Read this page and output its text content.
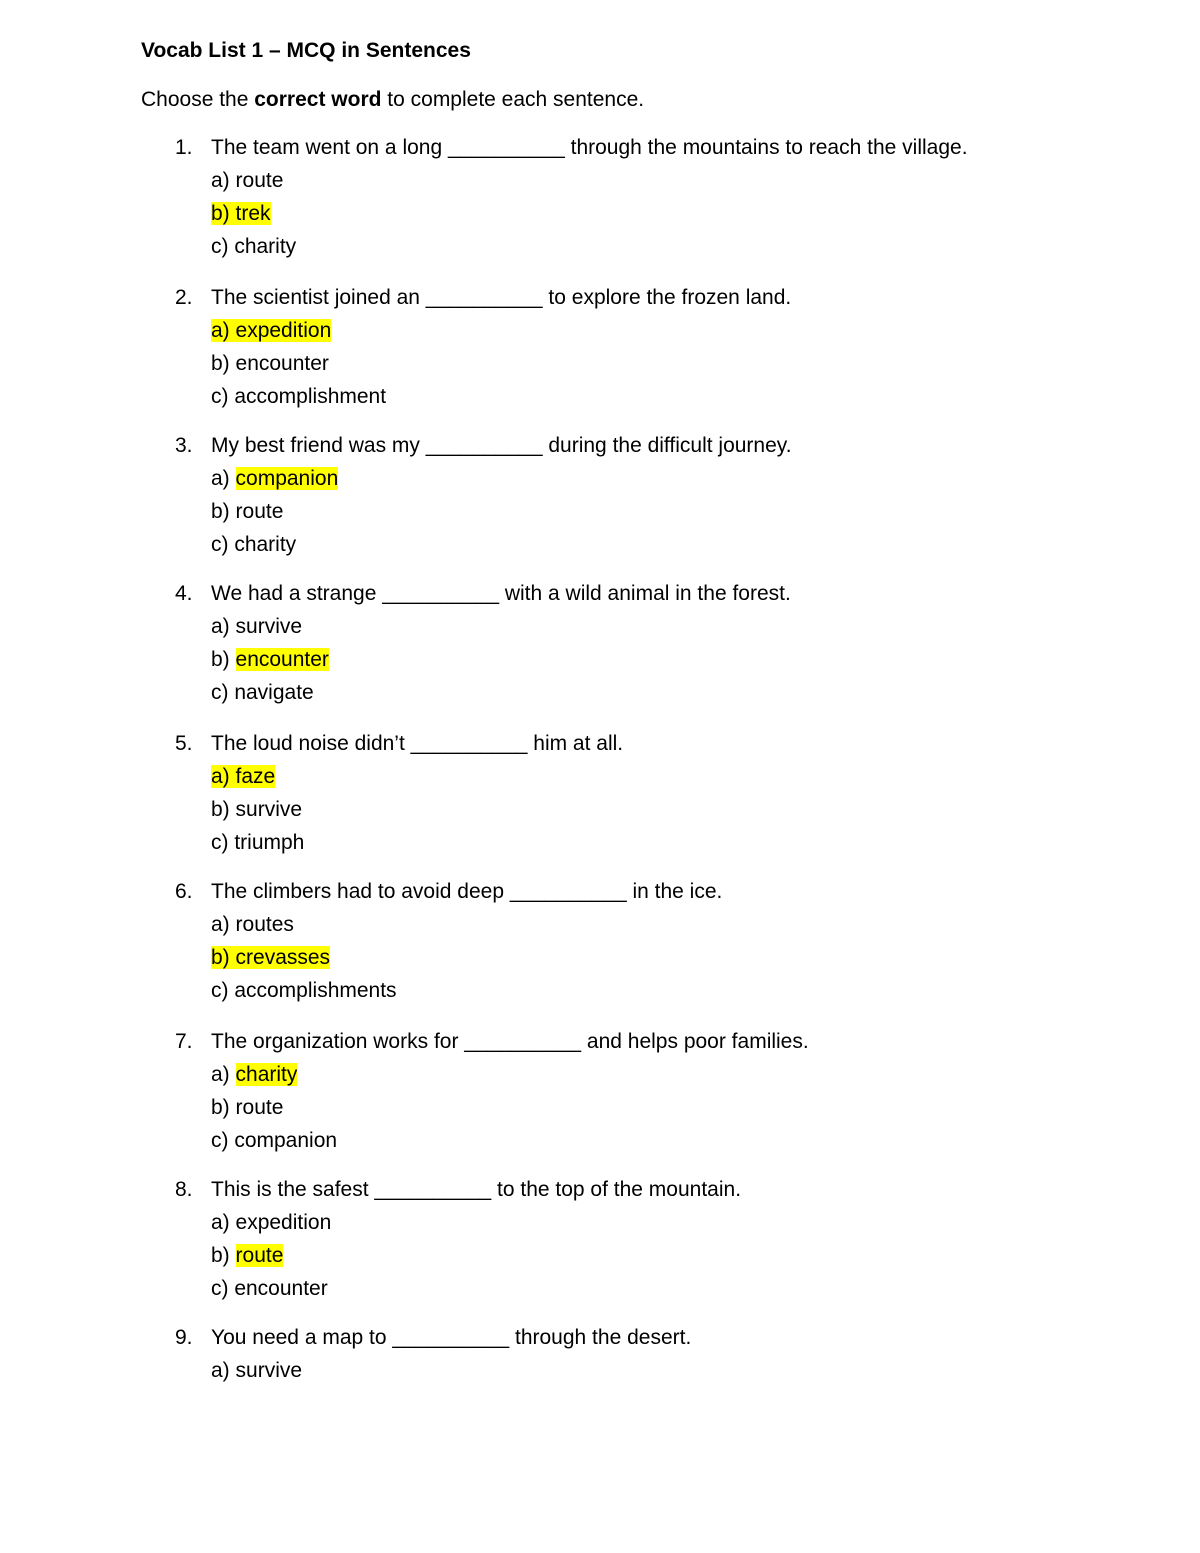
Vocab List 1 – MCQ in Sentences
Choose the correct word to complete each sentence.
1. The team went on a long __________ through the mountains to reach the village.
a) route
b) trek
c) charity
2. The scientist joined an __________ to explore the frozen land.
a) expedition
b) encounter
c) accomplishment
3. My best friend was my __________ during the difficult journey.
a) companion
b) route
c) charity
4. We had a strange __________ with a wild animal in the forest.
a) survive
b) encounter
c) navigate
5. The loud noise didn’t __________ him at all.
a) faze
b) survive
c) triumph
6. The climbers had to avoid deep __________ in the ice.
a) routes
b) crevasses
c) accomplishments
7. The organization works for __________ and helps poor families.
a) charity
b) route
c) companion
8. This is the safest __________ to the top of the mountain.
a) expedition
b) route
c) encounter
9. You need a map to __________ through the desert.
a) survive
